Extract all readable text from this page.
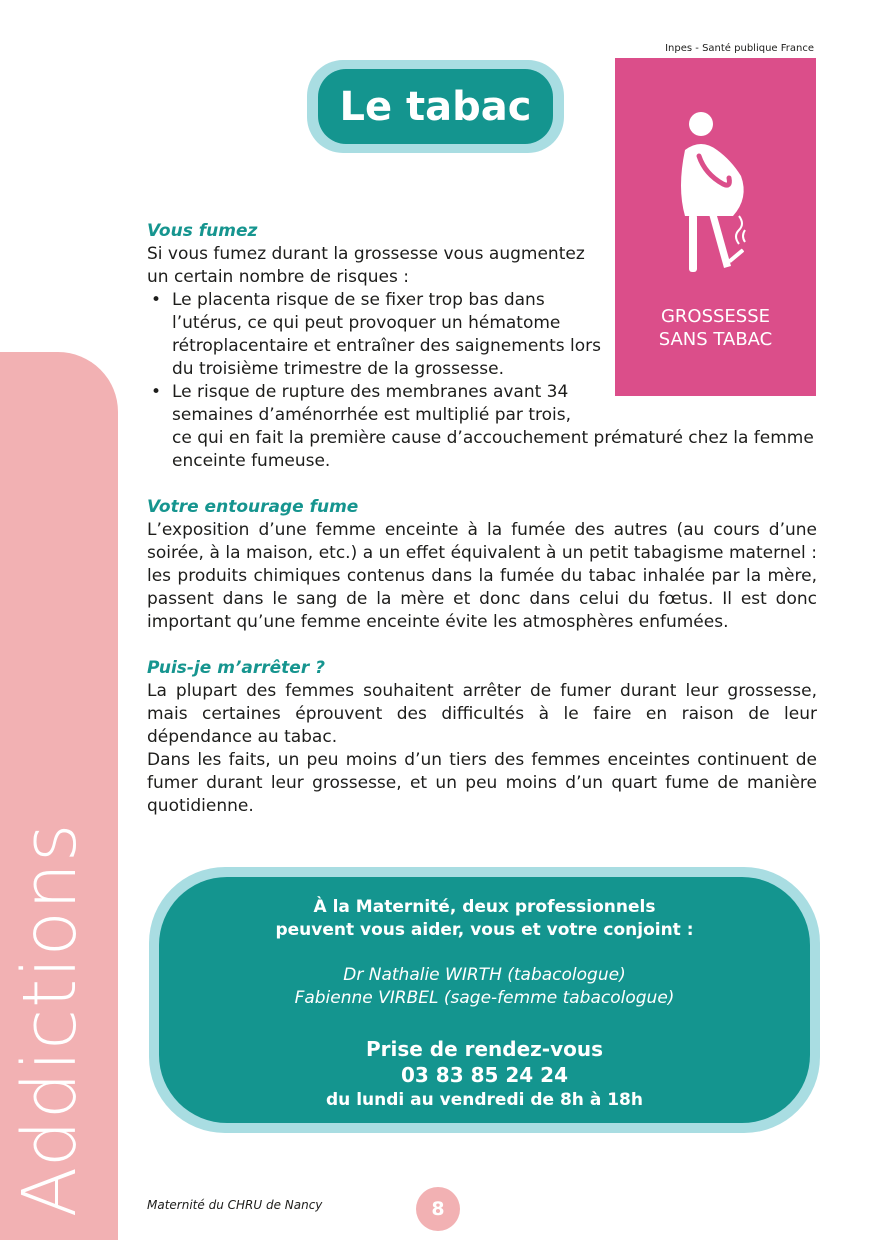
Addictions
Inpes - Santé publique France
Le tabac
GROSSESSE
SANS TABAC
Vous fumez

Si vous fumez durant la grossesse vous augmentez un certain nombre de risques :

• Le placenta risque de se fixer trop bas dans l’utérus, ce qui peut provoquer un hématome rétroplacentaire et entraîner des saignements lors du troisième trimestre de la grossesse.
• Le risque de rupture des membranes avant 34 semaines d’aménorrhée est multiplié par trois,

ce qui en fait la première cause d’accouchement prématuré chez la femme enceinte fumeuse.

Votre entourage fume

L’exposition d’une femme enceinte à la fumée des autres (au cours d’une soirée, à la maison, etc.) a un effet équivalent à un petit tabagisme maternel : les produits chimiques contenus dans la fumée du tabac inhalée par la mère, passent dans le sang de la mère et donc dans celui du fœtus. Il est donc important qu’une femme enceinte évite les atmosphères enfumées.

Puis-je m’arrêter ?

La plupart des femmes souhaitent arrêter de fumer durant leur grossesse, mais certaines éprouvent des difficultés à le faire en raison de leur dépendance au tabac.

Dans les faits, un peu moins d’un tiers des femmes enceintes continuent de fumer durant leur grossesse, et un peu moins d’un quart fume de manière quotidienne.

À la Maternité, deux professionnels
peuvent vous aider, vous et votre conjoint :
Dr Nathalie WIRTH (tabacologue)
Fabienne VIRBEL (sage-femme tabacologue)
Prise de rendez-vous
03 83 85 24 24
du lundi au vendredi de 8h à 18h
Maternité du CHRU de Nancy	8
